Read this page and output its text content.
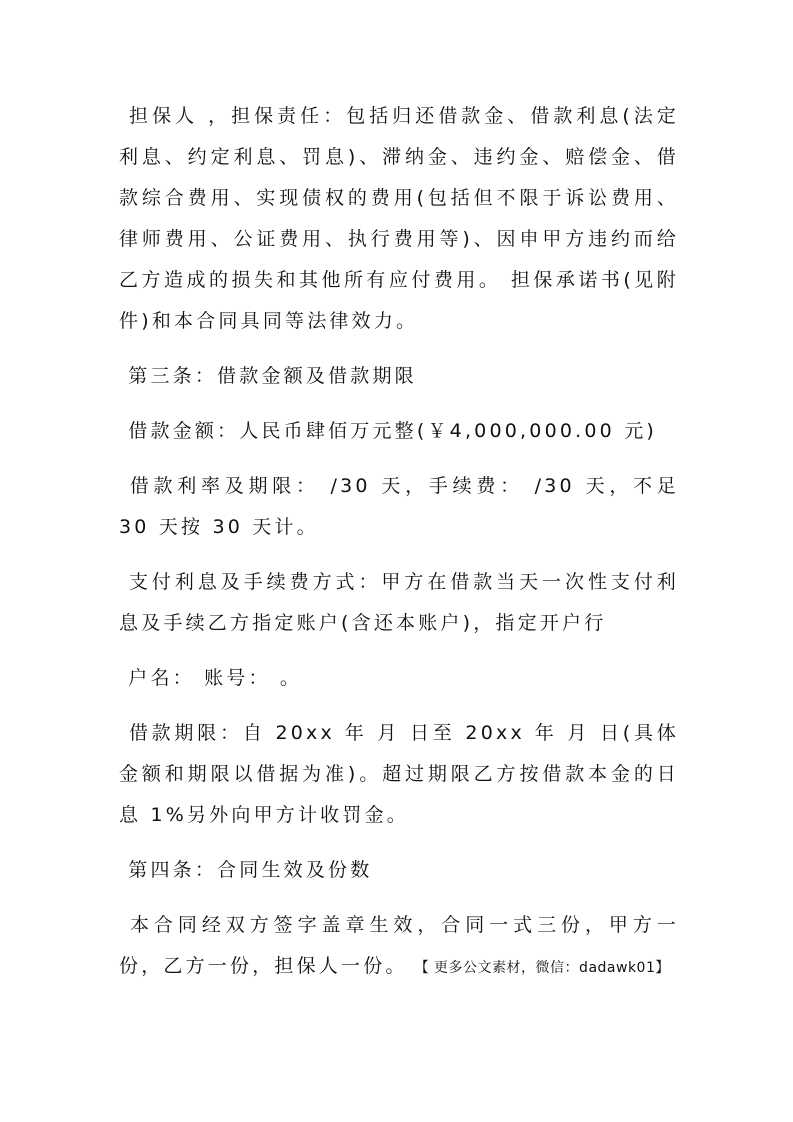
担保人 ，担保责任：包括归还借款金、借款利息(法定利息、约定利息、罚息)、滞纳金、违约金、赔偿金、借款综合费用、实现债权的费用(包括但不限于诉讼费用、律师费用、公证费用、执行费用等)、因申甲方违约而给乙方造成的损失和其他所有应付费用。 担保承诺书(见附件)和本合同具同等法律效力。

第三条：借款金额及借款期限

借款金额：人民币肆佰万元整(￥4,000,000.00 元)

借款利率及期限： /30 天，手续费： /30 天，不足 30 天按 30 天计。

支付利息及手续费方式：甲方在借款当天一次性支付利息及手续乙方指定账户(含还本账户)，指定开户行

户名： 账号： 。

借款期限：自 20xx 年 月 日至 20xx 年 月 日(具体金额和期限以借据为准)。超过期限乙方按借款本金的日息 1%另外向甲方计收罚金。

第四条：合同生效及份数

本合同经双方签字盖章生效，合同一式三份，甲方一份，乙方一份，担保人一份。 【 更多公文素材，微信：dadawk01】
